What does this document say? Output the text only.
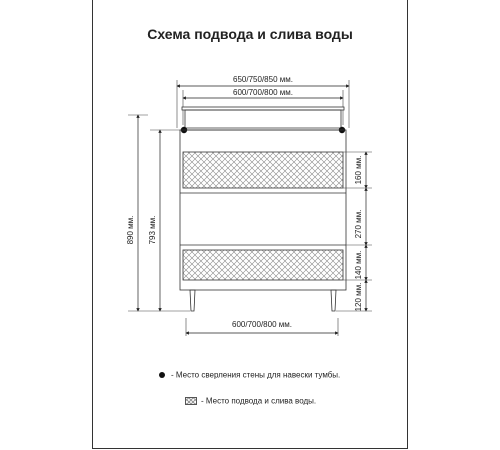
Схема подвода и слива воды
650/750/850 мм.
600/700/800 мм.
600/700/800 мм.
890 мм. 793 мм.
160 мм.
270 мм.
140 мм.
120 мм.
- Место сверления стены для навески тумбы.
- Место подвода и слива воды.
